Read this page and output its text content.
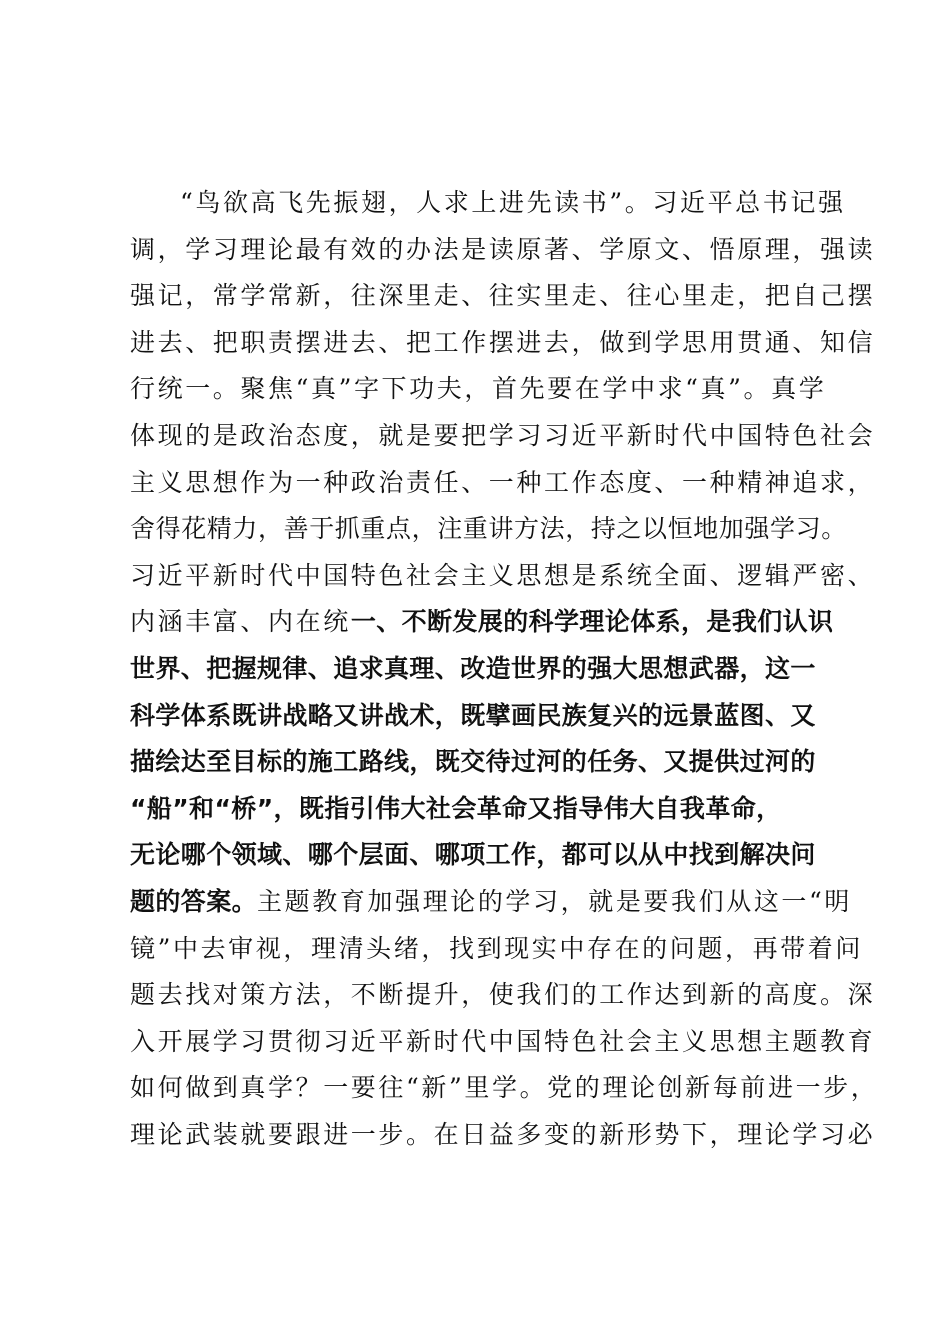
“鸟欲高飞先振翅，人求上进先读书”。习近平总书记强
调，学习理论最有效的办法是读原著、学原文、悟原理，强读
强记，常学常新，往深里走、往实里走、往心里走，把自己摆
进去、把职责摆进去、把工作摆进去，做到学思用贯通、知信
行统一。聚焦“真”字下功夫，首先要在学中求“真”。真学
体现的是政治态度，就是要把学习习近平新时代中国特色社会
主义思想作为一种政治责任、一种工作态度、一种精神追求，
舍得花精力，善于抓重点，注重讲方法，持之以恒地加强学习。
习近平新时代中国特色社会主义思想是系统全面、逻辑严密、
内涵丰富、内在统一、不断发展的科学理论体系，是我们认识
世界、把握规律、追求真理、改造世界的强大思想武器，这一
科学体系既讲战略又讲战术，既擘画民族复兴的远景蓝图、又
描绘达至目标的施工路线，既交待过河的任务、又提供过河的
“船”和“桥”，既指引伟大社会革命又指导伟大自我革命，
无论哪个领域、哪个层面、哪项工作，都可以从中找到解决问
题的答案。主题教育加强理论的学习，就是要我们从这一“明
镜”中去审视，理清头绪，找到现实中存在的问题，再带着问
题去找对策方法，不断提升，使我们的工作达到新的高度。深
入开展学习贯彻习近平新时代中国特色社会主义思想主题教育
如何做到真学？一要往“新”里学。党的理论创新每前进一步，
理论武装就要跟进一步。在日益多变的新形势下，理论学习必
